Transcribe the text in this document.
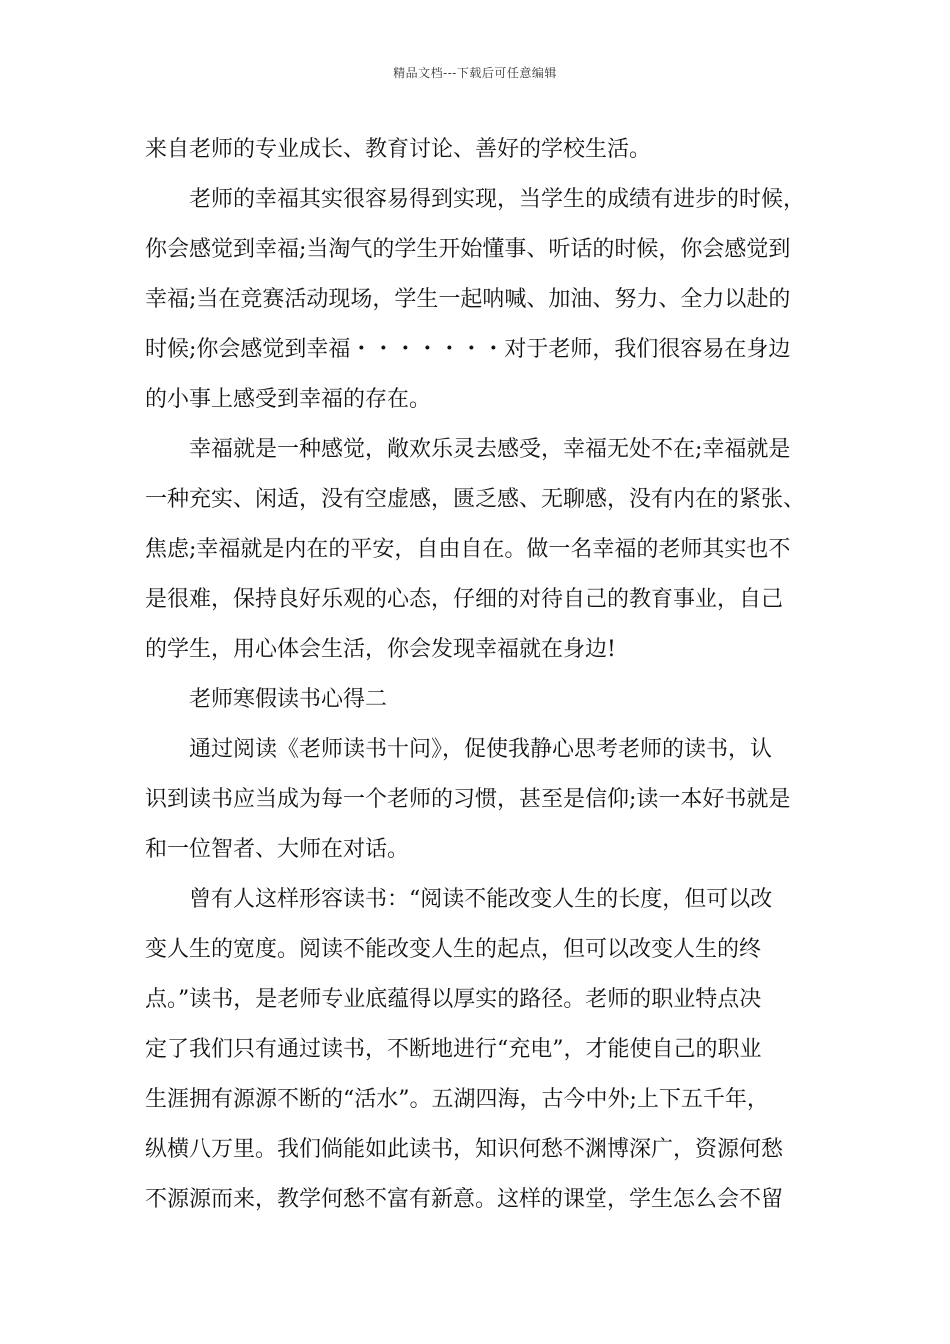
精品文档---下载后可任意编辑
来自老师的专业成长、教育讨论、善好的学校生活。
老师的幸福其实很容易得到实现，当学生的成绩有进步的时候，
你会感觉到幸福;当淘气的学生开始懂事、听话的时候，你会感觉到
幸福;当在竞赛活动现场，学生一起呐喊、加油、努力、全力以赴的
时候;你会感觉到幸福・・・・・・・对于老师，我们很容易在身边
的小事上感受到幸福的存在。
幸福就是一种感觉，敞欢乐灵去感受，幸福无处不在;幸福就是
一种充实、闲适，没有空虚感，匮乏感、无聊感，没有内在的紧张、
焦虑;幸福就是内在的平安，自由自在。做一名幸福的老师其实也不
是很难，保持良好乐观的心态，仔细的对待自己的教育事业，自己
的学生，用心体会生活，你会发现幸福就在身边!
老师寒假读书心得二
通过阅读《老师读书十问》，促使我静心思考老师的读书，认
识到读书应当成为每一个老师的习惯，甚至是信仰;读一本好书就是
和一位智者、大师在对话。
曾有人这样形容读书：“阅读不能改变人生的长度，但可以改
变人生的宽度。阅读不能改变人生的起点，但可以改变人生的终
点。”读书，是老师专业底蕴得以厚实的路径。老师的职业特点决
定了我们只有通过读书，不断地进行“充电”，才能使自己的职业
生涯拥有源源不断的“活水”。五湖四海，古今中外;上下五千年，
纵横八万里。我们倘能如此读书，知识何愁不渊博深广，资源何愁
不源源而来，教学何愁不富有新意。这样的课堂，学生怎么会不留
